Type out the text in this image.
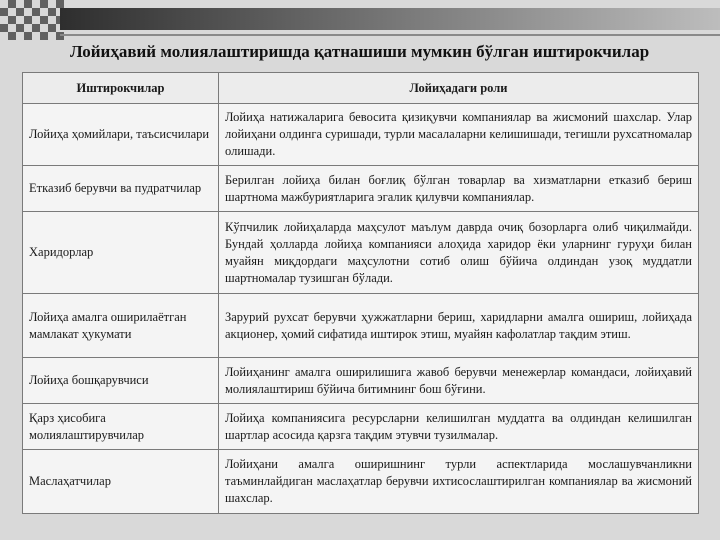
Лойиҳавий молиялаштиришда қатнашиши мумкин бўлган иштирокчилар
Иштирокчилар	Лойиҳадаги роли
Лойиҳа ҳомийлари, таъсисчилари	Лойиҳа натижаларига бевосита қизиқувчи компаниялар ва жисмоний шахслар. Улар лойиҳани олдинга суришади, турли масалаларни келишишади, тегишли рухсатномалар олишади.
Етказиб берувчи ва пудратчилар	Берилган лойиҳа билан боғлиқ бўлган товарлар ва хизматларни етказиб бериш шартнома мажбуриятларига эгалик қилувчи компаниялар.
Харидорлар	Кўпчилик лойиҳаларда маҳсулот маълум даврда очиқ бозорларга олиб чиқилмайди. Бундай ҳолларда лойиҳа компанияси алоҳида харидор ёки уларнинг гуруҳи билан муайян миқдордаги маҳсулотни сотиб олиш бўйича олдиндан узоқ муддатли шартномалар тузишган бўлади.
Лойиҳа амалга оширилаётган мамлакат ҳукумати	Зарурий рухсат берувчи ҳужжатларни бериш, харидларни амалга ошириш, лойиҳада акционер, ҳомий сифатида иштирок этиш, муайян кафолатлар тақдим этиш.
Лойиҳа бошқарувчиси	Лойиҳанинг амалга оширилишига жавоб берувчи менежерлар командаси, лойиҳавий молиялаштириш бўйича битимнинг бош бўғини.
Қарз ҳисобига молиялаштирувчилар	Лойиҳа компаниясига ресурсларни келишилган муддатга ва олдиндан келишилган шартлар асосида қарзга тақдим этувчи тузилмалар.
Маслаҳатчилар	Лойиҳани амалга оширишнинг турли аспектларида мослашувчанликни таъминлайдиган маслаҳатлар берувчи ихтисослаштирилган компаниялар ва жисмоний шахслар.
